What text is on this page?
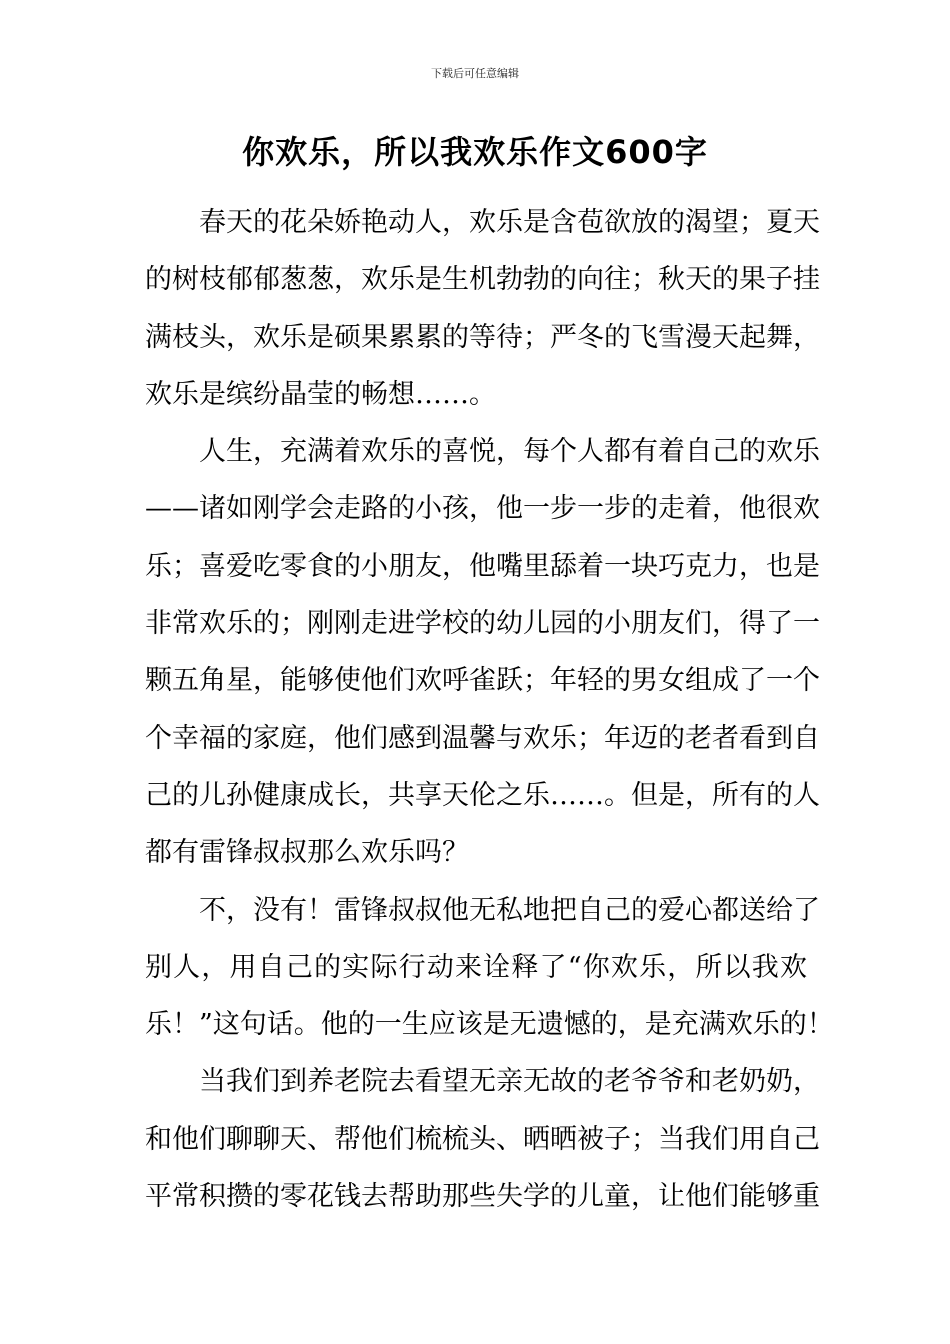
下载后可任意编辑
你欢乐，所以我欢乐作文600字
春天的花朵娇艳动人，欢乐是含苞欲放的渴望；夏天
的树枝郁郁葱葱，欢乐是生机勃勃的向往；秋天的果子挂
满枝头，欢乐是硕果累累的等待；严冬的飞雪漫天起舞，
欢乐是缤纷晶莹的畅想……。
人生，充满着欢乐的喜悦，每个人都有着自己的欢乐
——诸如刚学会走路的小孩，他一步一步的走着，他很欢
乐；喜爱吃零食的小朋友，他嘴里舔着一块巧克力，也是
非常欢乐的；刚刚走进学校的幼儿园的小朋友们，得了一
颗五角星，能够使他们欢呼雀跃；年轻的男女组成了一个
个幸福的家庭，他们感到温馨与欢乐；年迈的老者看到自
己的儿孙健康成长，共享天伦之乐……。但是，所有的人
都有雷锋叔叔那么欢乐吗？
不，没有！雷锋叔叔他无私地把自己的爱心都送给了
别人，用自己的实际行动来诠释了“你欢乐，所以我欢
乐！”这句话。他的一生应该是无遗憾的，是充满欢乐的！
当我们到养老院去看望无亲无故的老爷爷和老奶奶，
和他们聊聊天、帮他们梳梳头、晒晒被子；当我们用自己
平常积攒的零花钱去帮助那些失学的儿童，让他们能够重
